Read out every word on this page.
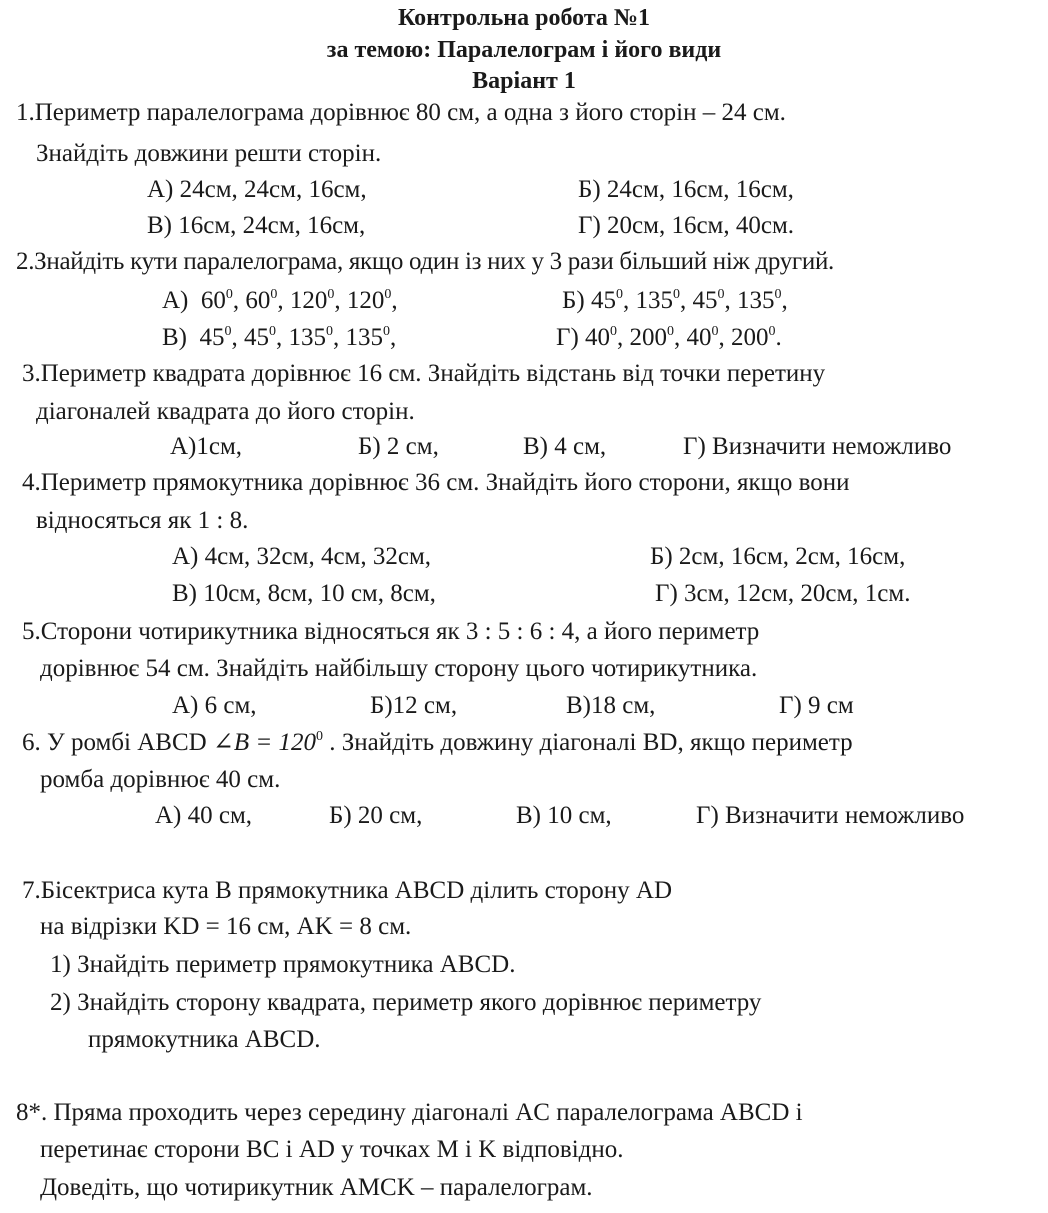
Контрольна робота №1
за темою: Паралелограм і його види
Варіант 1
1.Периметр паралелограма дорівнює 80 см, а одна з його сторін – 24 см.
Знайдіть довжини решти сторін.
А) 24см, 24см, 16см,	Б) 24см, 16см, 16см,
В) 16см, 24см, 16см,	Г) 20см, 16см, 40см.
2.Знайдіть кути паралелограма, якщо один із них у 3 рази більший ніж другий.
А) $60^0$, $60^0$, $120^0$, $120^0$,	Б) $45^0$, $135^0$, $45^0$, $135^0$,
В) $45^0$, $45^0$, $135^0$, $135^0$,	Г) $40^0$, $200^0$, $40^0$, $200^0$.
3.Периметр квадрата дорівнює 16 см. Знайдіть відстань від точки перетину
діагоналей квадрата до його сторін.
А)1см,	Б) 2 см,	В) 4 см,	Г) Визначити неможливо
4.Периметр прямокутника дорівнює 36 см. Знайдіть його сторони, якщо вони
відносяться як 1 : 8.
А) 4см, 32см, 4см, 32см,	Б) 2см, 16см, 2см, 16см,
В) 10см, 8см, 10 см, 8см,	Г) 3см, 12см, 20см, 1см.
5.Сторони чотирикутника відносяться як 3 : 5 : 6 : 4, а його периметр
дорівнює 54 см. Знайдіть найбільшу сторону цього чотирикутника.
А) 6 см,	Б)12 см,	В)18 см,	Г) 9 см
6. У ромбі ABCD ∠B = $120^0$ . Знайдіть довжину діагоналі BD, якщо периметр
ромба дорівнює 40 см.
А) 40 см,	Б) 20 см,	В) 10 см,	Г) Визначити неможливо
7.Бісектриса кута B прямокутника ABCD ділить сторону AD
на відрізки KD = 16 см, AK = 8 см.
1) Знайдіть периметр прямокутника ABCD.
2) Знайдіть сторону квадрата, периметр якого дорівнює периметру
прямокутника ABCD.
8*. Пряма проходить через середину діагоналі AC паралелограма ABCD і
перетинає сторони BC і AD у точках M і K відповідно.
Доведіть, що чотирикутник AMCK – паралелограм.
